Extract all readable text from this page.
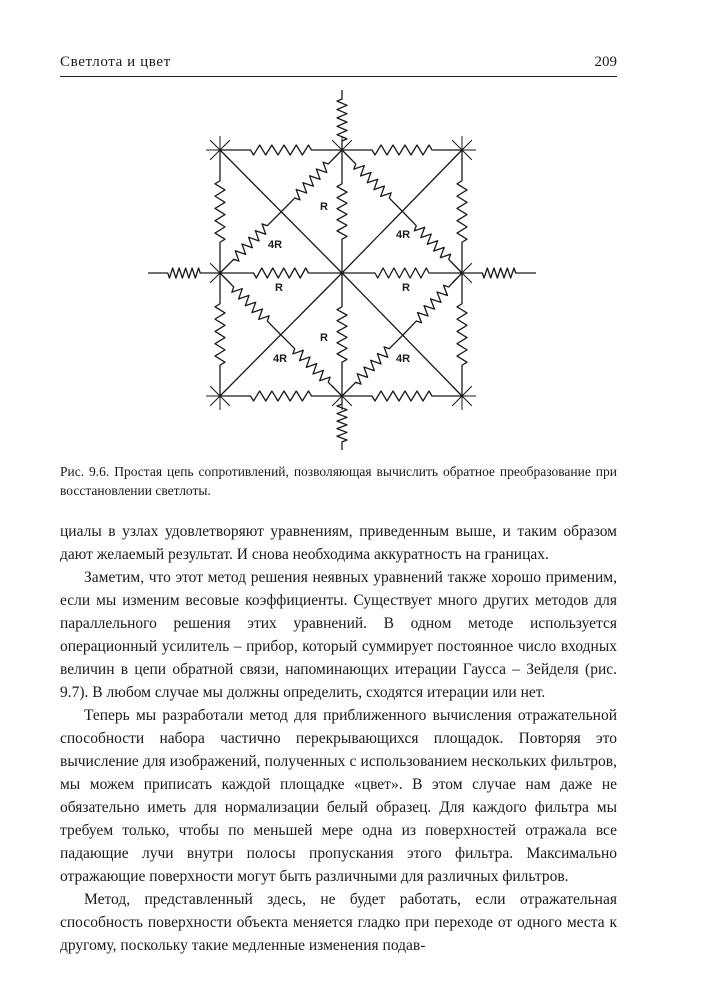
Светлота и цвет	209
R
R	R
R
4R
4R
4R	4R
Рис. 9.6. Простая цепь сопротивлений, позволяющая вычислить обратное преобразование при восстановлении светлоты.

циалы в узлах удовлетворяют уравнениям, приведенным выше, и таким образом дают желаемый результат. И снова необходима аккуратность на границах.

Заметим, что этот метод решения неявных уравнений также хорошо применим, если мы изменим весовые коэффициенты. Существует много других методов для параллельного решения этих уравнений. В одном методе используется операционный усилитель – прибор, который суммирует постоянное число входных величин в цепи обратной связи, напоминающих итерации Гаусса – Зейделя (рис. 9.7). В любом случае мы должны определить, сходятся итерации или нет.

Теперь мы разработали метод для приближенного вычисления отражательной способности набора частично перекрывающихся площадок. Повторяя это вычисление для изображений, полученных с использованием нескольких фильтров, мы можем приписать каждой площадке «цвет». В этом случае нам даже не обязательно иметь для нормализации белый образец. Для каждого фильтра мы требуем только, чтобы по меньшей мере одна из поверхностей отражала все падающие лучи внутри полосы пропускания этого фильтра. Максимально отражающие поверхности могут быть различными для различных фильтров.

Метод, представленный здесь, не будет работать, если отражательная способность поверхности объекта меняется гладко при переходе от одного места к другому, поскольку такие медленные изменения подав-
